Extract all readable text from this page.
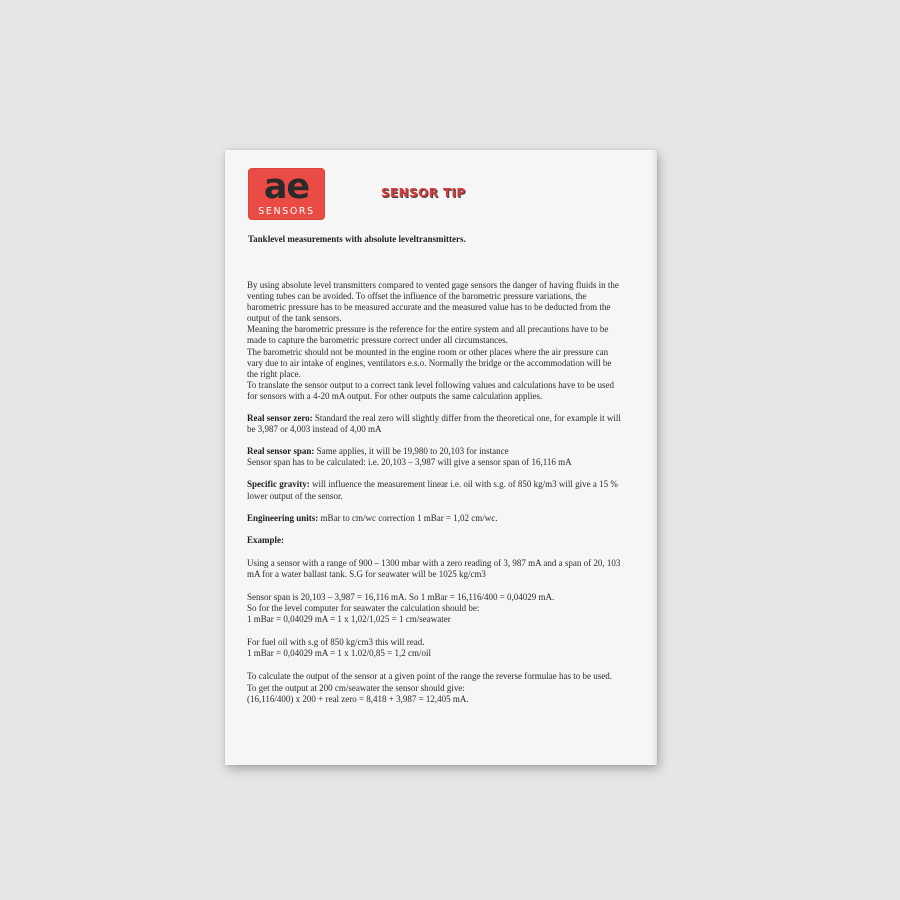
ae
SENSORS
SENSOR TIP
Tanklevel measurements with absolute leveltransmitters.

By using absolute level transmitters compared to vented gage sensors the danger of having fluids in the venting tubes can be avoided. To offset the influence of the barometric pressure variations, the barometric pressure has to be measured accurate and the measured value has to be deducted from the output of the tank sensors.

Meaning the barometric pressure is the reference for the entire system and all precautions have to be made to capture the barometric pressure correct under all circumstances.

The barometric should not be mounted in the engine room or other places where the air pressure can vary due to air intake of engines, ventilators e.s.o. Normally the bridge or the accommodation will be the right place.

To translate the sensor output to a correct tank level following values and calculations have to be used for sensors with a 4-20 mA output. For other outputs the same calculation applies.

Real sensor zero: Standard the real zero will slightly differ from the theoretical one, for example it will be 3,987 or 4,003 instead of 4,00 mA

Real sensor span: Same applies, it will be 19,980 to 20,103 for instance

Sensor span has to be calculated: i.e. 20,103 – 3,987 will give a sensor span of 16,116 mA

Specific gravity: will influence the measurement linear i.e. oil with s.g. of 850 kg/m3 will give a 15 % lower output of the sensor.

Engineering units: mBar to cm/wc correction 1 mBar = 1,02 cm/wc.

Example:

Using a sensor with a range of 900 – 1300 mbar with a zero reading of 3, 987 mA and a span of 20, 103 mA for a water ballast tank. S.G for seawater will be 1025 kg/cm3

Sensor span is 20,103 – 3,987 = 16,116 mA. So 1 mBar = 16,116/400 = 0,04029 mA.

So for the level computer for seawater the calculation should be:

1 mBar = 0,04029 mA = 1 x 1,02/1,025 = 1 cm/seawater

For fuel oil with s.g of 850 kg/cm3 this will read.

1 mBar = 0,04029 mA = 1 x 1.02/0,85 = 1,2 cm/oil

To calculate the output of the sensor at a given point of the range the reverse formulae has to be used.

To get the output at 200 cm/seawater the sensor should give:

(16,116/400) x 200 + real zero = 8,418 + 3,987 = 12,405 mA.
